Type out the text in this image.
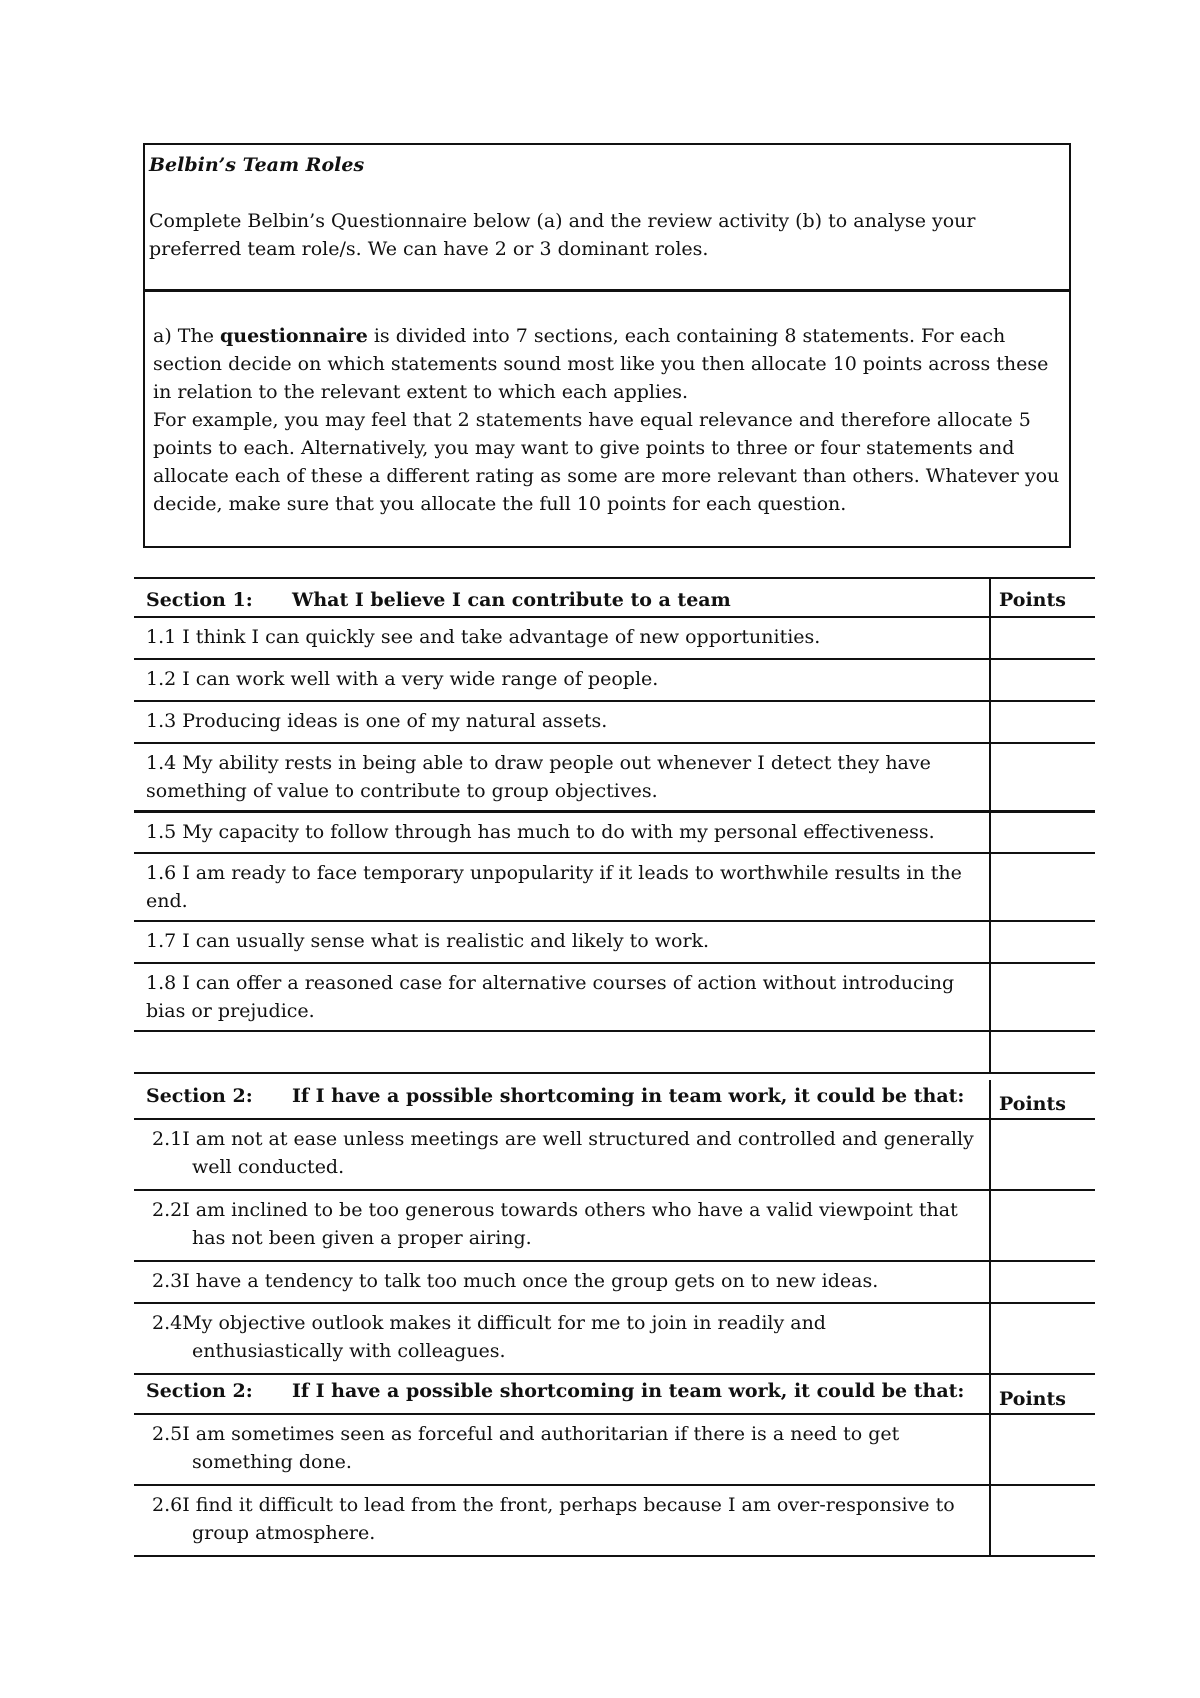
Belbin’s Team Roles
Complete Belbin’s Questionnaire below (a) and the review activity (b) to analyse your preferred team role/s. We can have 2 or 3 dominant roles.
a) The questionnaire is divided into 7 sections, each containing 8 statements. For each section decide on which statements sound most like you then allocate 10 points across these in relation to the relevant extent to which each applies.
For example, you may feel that 2 statements have equal relevance and therefore allocate 5 points to each. Alternatively, you may want to give points to three or four statements and allocate each of these a different rating as some are more relevant than others. Whatever you decide, make sure that you allocate the full 10 points for each question.
Section 1: What I believe I can contribute to a team	Points
1.1 I think I can quickly see and take advantage of new opportunities.	
1.2 I can work well with a very wide range of people.	
1.3 Producing ideas is one of my natural assets.	
1.4 My ability rests in being able to draw people out whenever I detect they have something of value to contribute to group objectives.	
1.5 My capacity to follow through has much to do with my personal effectiveness.	
1.6 I am ready to face temporary unpopularity if it leads to worthwhile results in the end.	
1.7 I can usually sense what is realistic and likely to work.	
1.8 I can offer a reasoned case for alternative courses of action without introducing bias or prejudice.	

Section 2: If I have a possible shortcoming in team work, it could be that:	Points
2.1I am not at ease unless meetings are well structured and controlled and generally well conducted.	
2.2I am inclined to be too generous towards others who have a valid viewpoint that has not been given a proper airing.	
2.3I have a tendency to talk too much once the group gets on to new ideas.	
2.4My objective outlook makes it difficult for me to join in readily and enthusiastically with colleagues.	
Section 2: If I have a possible shortcoming in team work, it could be that:	Points
2.5I am sometimes seen as forceful and authoritarian if there is a need to get something done.	
2.6I find it difficult to lead from the front, perhaps because I am over-responsive to group atmosphere.	
